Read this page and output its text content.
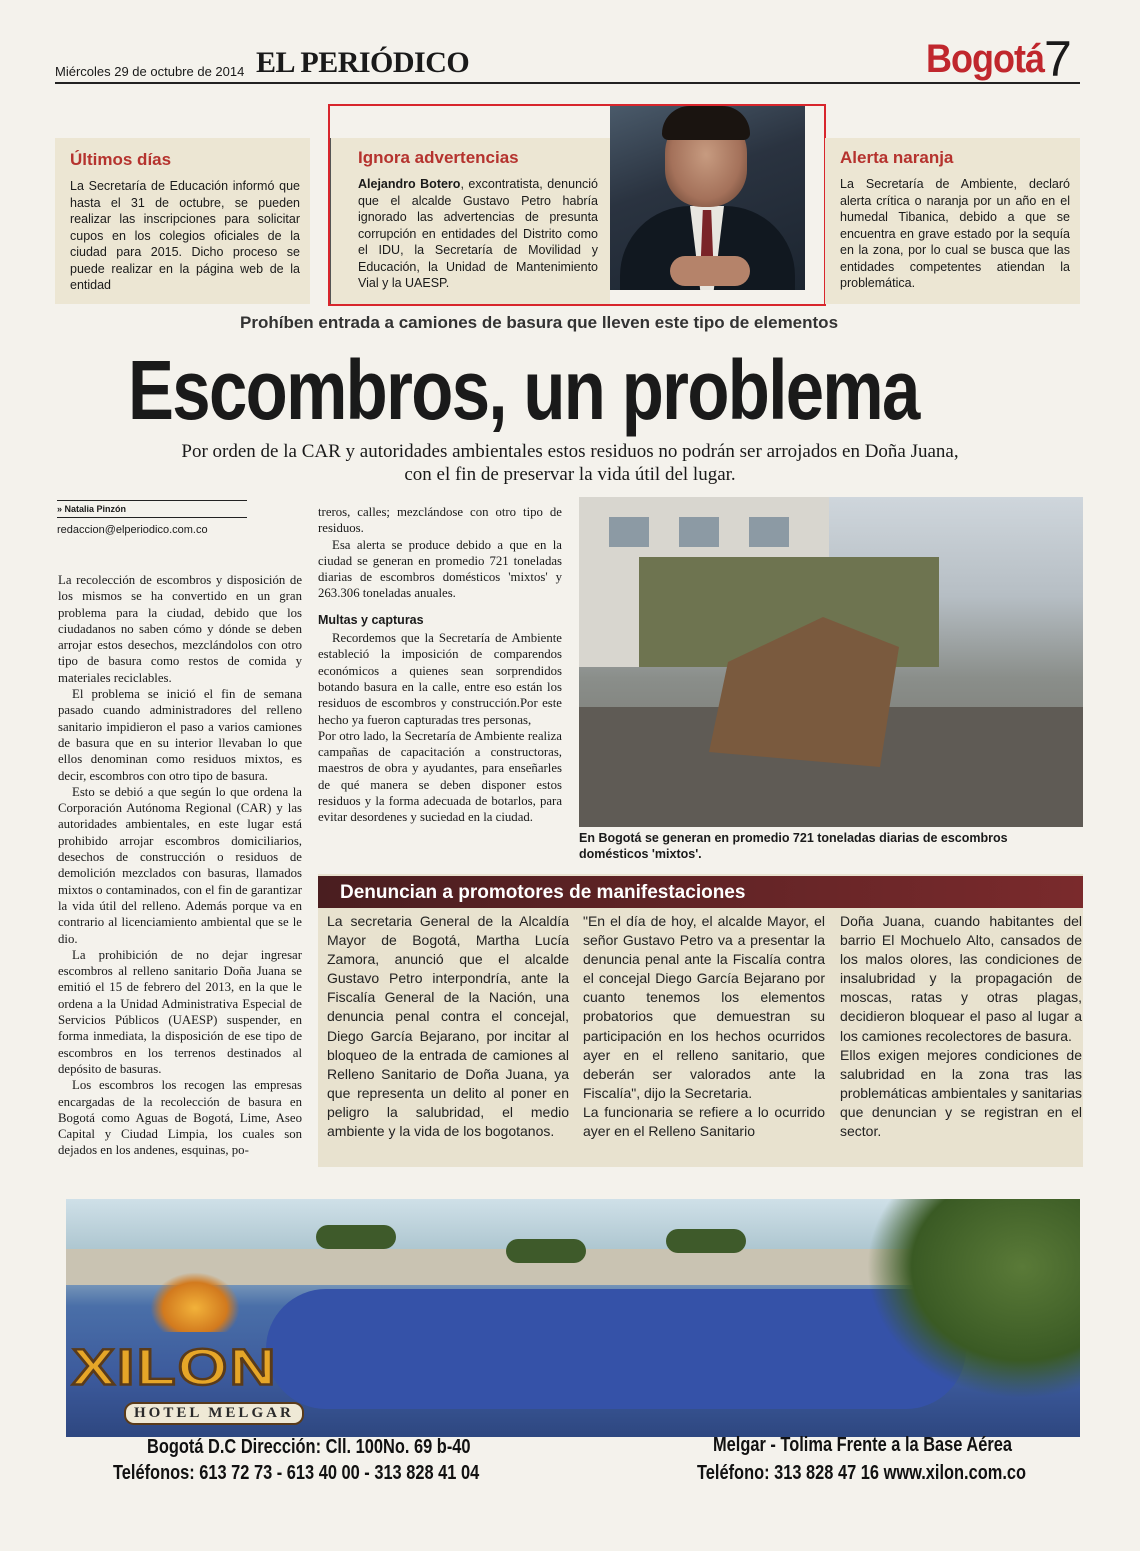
Miércoles 29 de octubre de 2014 EL PERIÓDICO	Bogotá 7
Últimos días

La Secretaría de Educación informó que hasta el 31 de octubre, se pueden realizar las inscripciones para solicitar cupos en los colegios oficiales de la ciudad para 2015. Dicho proceso se puede realizar en la página web de la entidad

Ignora advertencias

Alejandro Botero, excontratista, denunció que el alcalde Gustavo Petro habría ignorado las advertencias de presunta corrupción en entidades del Distrito como el IDU, la Secretaría de Movilidad y Educación, la Unidad de Mantenimiento Vial y la UAESP.

Alerta naranja

La Secretaría de Ambiente, declaró alerta crítica o naranja por un año en el humedal Tibanica, debido a que se encuentra en grave estado por la sequía en la zona, por lo cual se busca que las entidades competentes atiendan la problemática.

Prohíben entrada a camiones de basura que lleven este tipo de elementos
Escombros, un problema
Por orden de la CAR y autoridades ambientales estos residuos no podrán ser arrojados en Doña Juana, con el fin de preservar la vida útil del lugar.
» Natalia Pinzón
redaccion@elperiodico.com.co

La recolección de escombros y disposición de los mismos se ha convertido en un gran problema para la ciudad, debido que los ciudadanos no saben cómo y dónde se deben arrojar estos desechos, mezclándolos con otro tipo de basura como restos de comida y materiales reciclables.

El problema se inició el fin de semana pasado cuando administradores del relleno sanitario impidieron el paso a varios camiones de basura que en su interior llevaban lo que ellos denominan como residuos mixtos, es decir, escombros con otro tipo de basura.

Esto se debió a que según lo que ordena la Corporación Autónoma Regional (CAR) y las autoridades ambientales, en este lugar está prohibido arrojar escombros domiciliarios, desechos de construcción o residuos de demolición mezclados con basuras, llamados mixtos o contaminados, con el fin de garantizar la vida útil del relleno. Además porque va en contrario al licenciamiento ambiental que se le dio.

La prohibición de no dejar ingresar escombros al relleno sanitario Doña Juana se emitió el 15 de febrero del 2013, en la que le ordena a la Unidad Administrativa Especial de Servicios Públicos (UAESP) suspender, en forma inmediata, la disposición de ese tipo de escombros en los terrenos destinados al depósito de basuras.

Los escombros los recogen las empresas encargadas de la recolección de basura en Bogotá como Aguas de Bogotá, Lime, Aseo Capital y Ciudad Limpia, los cuales son dejados en los andenes, esquinas, po-

treros, calles; mezclándose con otro tipo de residuos.

Esa alerta se produce debido a que en la ciudad se generan en promedio 721 toneladas diarias de escombros domésticos 'mixtos' y 263.306 toneladas anuales.

Multas y capturas

Recordemos que la Secretaría de Ambiente estableció la imposición de comparendos económicos a quienes sean sorprendidos botando basura en la calle, entre eso están los residuos de escombros y construcción.Por este hecho ya fueron capturadas tres personas,

Por otro lado, la Secretaría de Ambiente realiza campañas de capacitación a constructoras, maestros de obra y ayudantes, para enseñarles de qué manera se deben disponer estos residuos y la forma adecuada de botarlos, para evitar desordenes y suciedad en la ciudad.

En Bogotá se generan en promedio 721 toneladas diarias de escombros domésticos 'mixtos'.
Denuncian a promotores de manifestaciones

La secretaria General de la Alcaldía Mayor de Bogotá, Martha Lucía Zamora, anunció que el alcalde Gustavo Petro interpondría, ante la Fiscalía General de la Nación, una denuncia penal contra el concejal, Diego García Bejarano, por incitar al bloqueo de la entrada de camiones al Relleno Sanitario de Doña Juana, ya que representa un delito al poner en peligro la salubridad, el medio ambiente y la vida de los bogotanos.

"En el día de hoy, el alcalde Mayor, el señor Gustavo Petro va a presentar la denuncia penal ante la Fiscalía contra el concejal Diego García Bejarano por cuanto tenemos los elementos probatorios que demuestran su participación en los hechos ocurridos ayer en el relleno sanitario, que deberán ser valorados ante la Fiscalía", dijo la Secretaria.

La funcionaria se refiere a lo ocurrido ayer en el Relleno Sanitario

Doña Juana, cuando habitantes del barrio El Mochuelo Alto, cansados de los malos olores, las condiciones de insalubridad y la propagación de moscas, ratas y otras plagas, decidieron bloquear el paso al lugar a los camiones recolectores de basura.

Ellos exigen mejores condiciones de salubridad en la zona tras las problemáticas ambientales y sanitarias que denuncian y se registran en el sector.

XILON
HOTEL MELGAR
Bogotá D.C Dirección: Cll. 100No. 69 b-40
Teléfonos: 613 72 73 - 613 40 00 - 313 828 41 04
Melgar - Tolima Frente a la Base Aérea
Teléfono: 313 828 47 16 www.xilon.com.co
